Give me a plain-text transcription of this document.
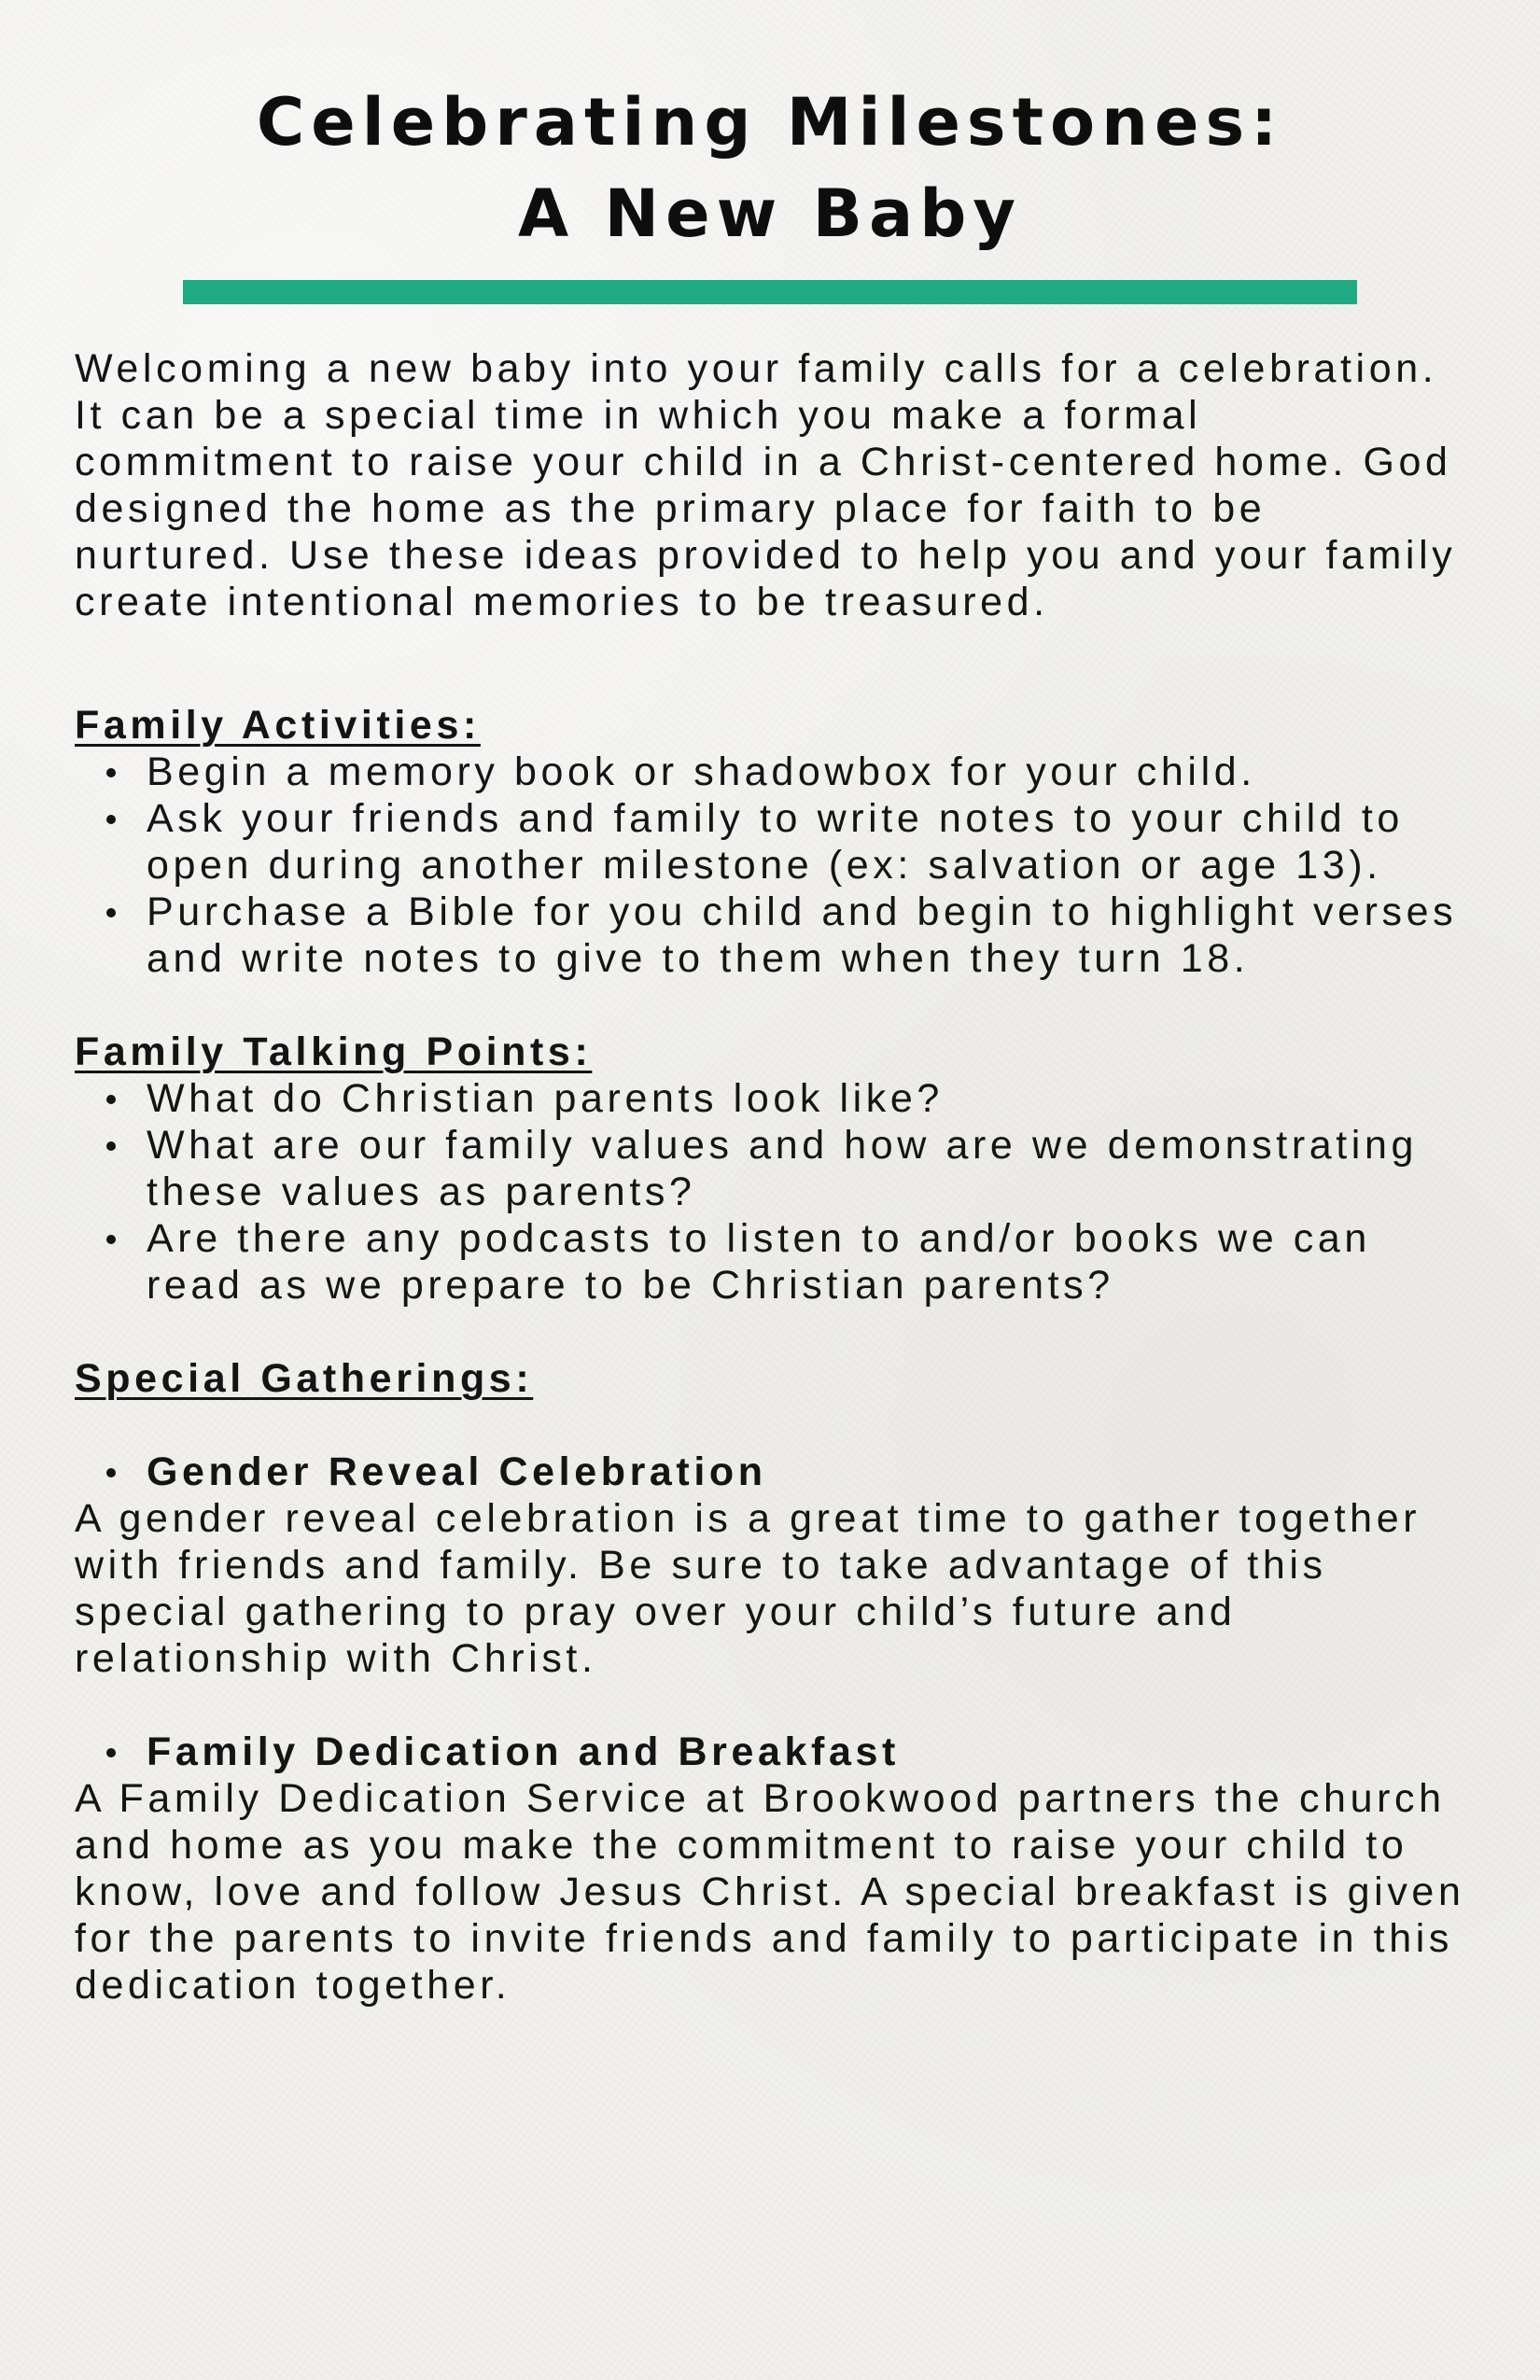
Celebrating Milestones:
A New Baby

Welcoming a new baby into your family calls for a celebration. It can be a special time in which you make a formal commitment to raise your child in a Christ-centered home. God designed the home as the primary place for faith to be nurtured. Use these ideas provided to help you and your family create intentional memories to be treasured.

Family Activities:
Begin a memory book or shadowbox for your child.
Ask your friends and family to write notes to your child to open during another milestone (ex: salvation or age 13).
Purchase a Bible for you child and begin to highlight verses and write notes to give to them when they turn 18.
Family Talking Points:
What do Christian parents look like?
What are our family values and how are we demonstrating these values as parents?
Are there any podcasts to listen to and/or books we can read as we prepare to be Christian parents?
Special Gatherings:

Gender Reveal Celebration

A gender reveal celebration is a great time to gather together with friends and family. Be sure to take advantage of this special gathering to pray over your child’s future and relationship with Christ.

Family Dedication and Breakfast

A Family Dedication Service at Brookwood partners the church and home as you make the commitment to raise your child to know, love and follow Jesus Christ. A special breakfast is given for the parents to invite friends and family to participate in this dedication together.
